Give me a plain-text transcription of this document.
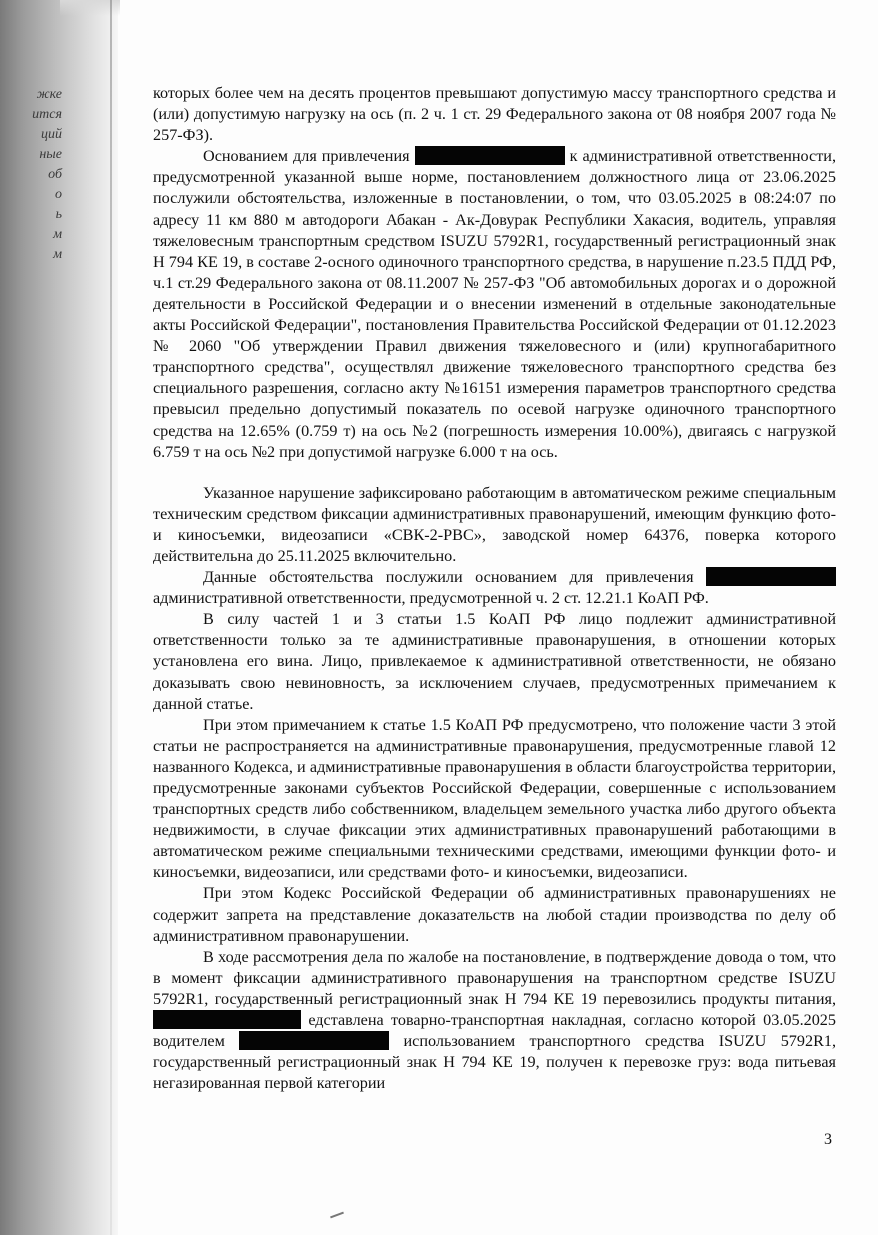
жке
ится
ций
ные
об
о
ь
м
м

которых более чем на десять процентов превышают допустимую массу транспортного средства и (или) допустимую нагрузку на ось (п. 2 ч. 1 ст. 29 Федерального закона от 08 ноября 2007 года № 257-ФЗ).

Основанием для привлечения	к административной ответственности, предусмотренной указанной выше норме, постановлением должностного лица от 23.06.2025 послужили обстоятельства, изложенные в постановлении, о том, что 03.05.2025 в 08:24:07 по адресу 11 км 880 м автодороги Абакан - Ак-Довурак Республики Хакасия, водитель, управляя тяжеловесным транспортным средством ISUZU 5792R1, государственный регистрационный знак Н 794 КЕ 19, в составе 2-осного одиночного транспортного средства, в нарушение п.23.5 ПДД РФ, ч.1 ст.29 Федерального закона от 08.11.2007 № 257-ФЗ "Об автомобильных дорогах и о дорожной деятельности в Российской Федерации и о внесении изменений в отдельные законодательные акты Российской Федерации", постановления Правительства Российской Федерации от 01.12.2023 № 2060 "Об утверждении Правил движения тяжеловесного и (или) крупногабаритного транспортного средства", осуществлял движение тяжеловесного транспортного средства без специального разрешения, согласно акту №16151 измерения параметров транспортного средства превысил предельно допустимый показатель по осевой нагрузке одиночного транспортного средства на 12.65% (0.759 т) на ось №2 (погрешность измерения 10.00%), двигаясь с нагрузкой 6.759 т на ось №2 при допустимой нагрузке 6.000 т на ось.

Указанное нарушение зафиксировано работающим в автоматическом режиме специальным техническим средством фиксации административных правонарушений, имеющим функцию фото- и киносъемки, видеозаписи «СВК-2-РВС», заводской номер 64376, поверка которого действительна до 25.11.2025 включительно.

Данные обстоятельства послужили основанием для привлечения  административной ответственности, предусмотренной ч. 2 ст. 12.21.1 КоАП РФ.

В силу частей 1 и 3 статьи 1.5 КоАП РФ лицо подлежит административной ответственности только за те административные правонарушения, в отношении которых установлена его вина. Лицо, привлекаемое к административной ответственности, не обязано доказывать свою невиновность, за исключением случаев, предусмотренных примечанием к данной статье.

При этом примечанием к статье 1.5 КоАП РФ предусмотрено, что положение части 3 этой статьи не распространяется на административные правонарушения, предусмотренные главой 12 названного Кодекса, и административные правонарушения в области благоустройства территории, предусмотренные законами субъектов Российской Федерации, совершенные с использованием транспортных средств либо собственником, владельцем земельного участка либо другого объекта недвижимости, в случае фиксации этих административных правонарушений работающими в автоматическом режиме специальными техническими средствами, имеющими функции фото- и киносъемки, видеозаписи, или средствами фото- и киносъемки, видеозаписи.

При этом Кодекс Российской Федерации об административных правонарушениях не содержит запрета на представление доказательств на любой стадии производства по делу об административном правонарушении.

В ходе рассмотрения дела по жалобе на постановление, в подтверждение довода о том, что в момент фиксации административного правонарушения на транспортном средстве ISUZU 5792R1, государственный регистрационный знак Н 794 КЕ 19 перевозились продукты питания,  едставлена товарно-транспортная накладная, согласно которой 03.05.2025 водителем	использованием транспортного средства ISUZU 5792R1, государственный регистрационный знак Н 794 КЕ 19, получен к перевозке груз: вода питьевая негазированная первой категории

3
